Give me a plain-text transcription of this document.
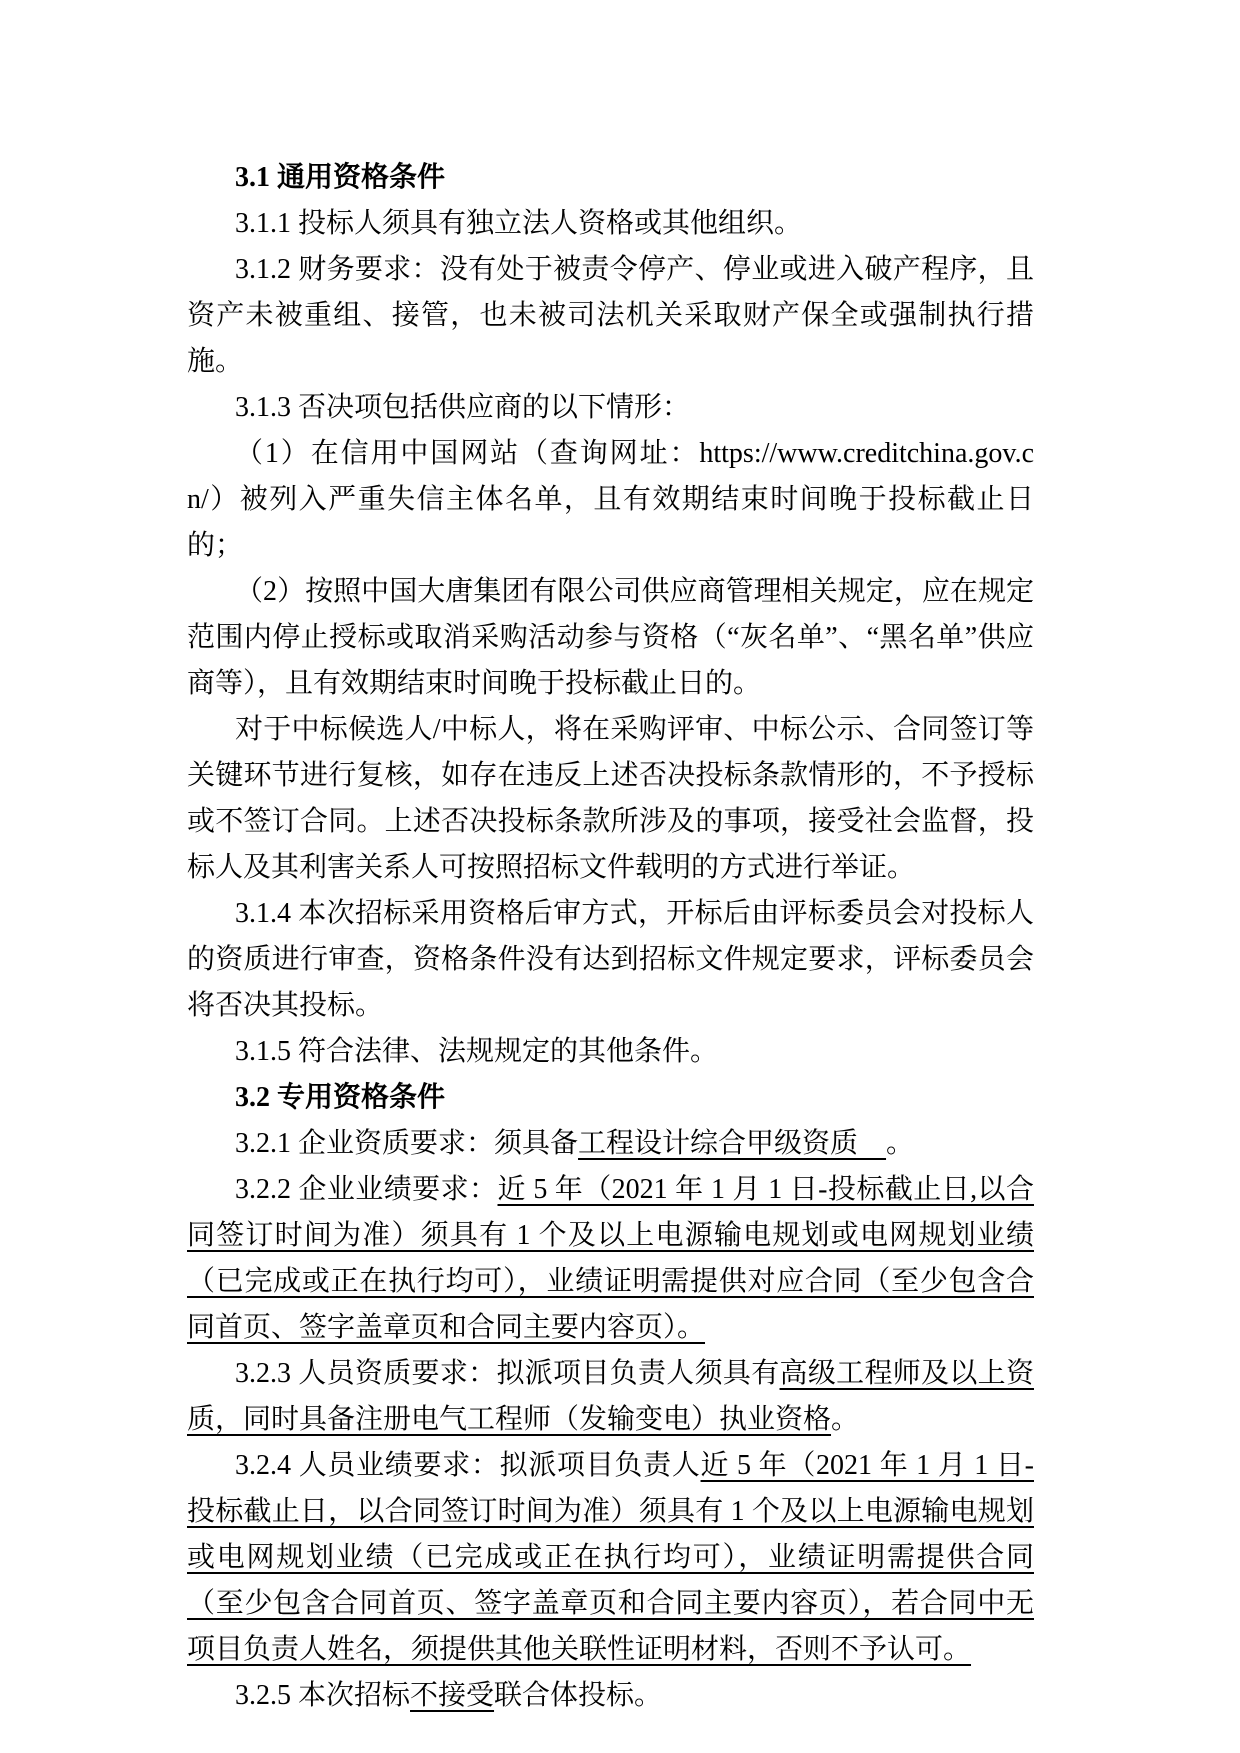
3.1 通用资格条件

3.1.1 投标人须具有独立法人资格或其他组织。

3.1.2 财务要求：没有处于被责令停产、停业或进入破产程序，且资产未被重组、接管，也未被司法机关采取财产保全或强制执行措施。

3.1.3 否决项包括供应商的以下情形：

（1）在信用中国网站（查询网址：https://www.creditchina.gov.cn/）被列入严重失信主体名单，且有效期结束时间晚于投标截止日的；

（2）按照中国大唐集团有限公司供应商管理相关规定，应在规定范围内停止授标或取消采购活动参与资格（“灰名单”、“黑名单”供应商等），且有效期结束时间晚于投标截止日的。

对于中标候选人/中标人，将在采购评审、中标公示、合同签订等关键环节进行复核，如存在违反上述否决投标条款情形的，不予授标或不签订合同。上述否决投标条款所涉及的事项，接受社会监督，投标人及其利害关系人可按照招标文件载明的方式进行举证。

3.1.4 本次招标采用资格后审方式，开标后由评标委员会对投标人的资质进行审查，资格条件没有达到招标文件规定要求，评标委员会将否决其投标。

3.1.5 符合法律、法规规定的其他条件。

3.2 专用资格条件

3.2.1 企业资质要求：须具备工程设计综合甲级资质　。

3.2.2 企业业绩要求：近 5 年（2021 年 1 月 1 日-投标截止日,以合同签订时间为准）须具有 1 个及以上电源输电规划或电网规划业绩（已完成或正在执行均可），业绩证明需提供对应合同（至少包含合同首页、签字盖章页和合同主要内容页）。

3.2.3 人员资质要求：拟派项目负责人须具有高级工程师及以上资质，同时具备注册电气工程师（发输变电）执业资格。

3.2.4 人员业绩要求：拟派项目负责人近 5 年（2021 年 1 月 1 日-投标截止日，以合同签订时间为准）须具有 1 个及以上电源输电规划或电网规划业绩（已完成或正在执行均可），业绩证明需提供合同（至少包含合同首页、签字盖章页和合同主要内容页），若合同中无项目负责人姓名，须提供其他关联性证明材料，否则不予认可。

3.2.5 本次招标不接受联合体投标。
